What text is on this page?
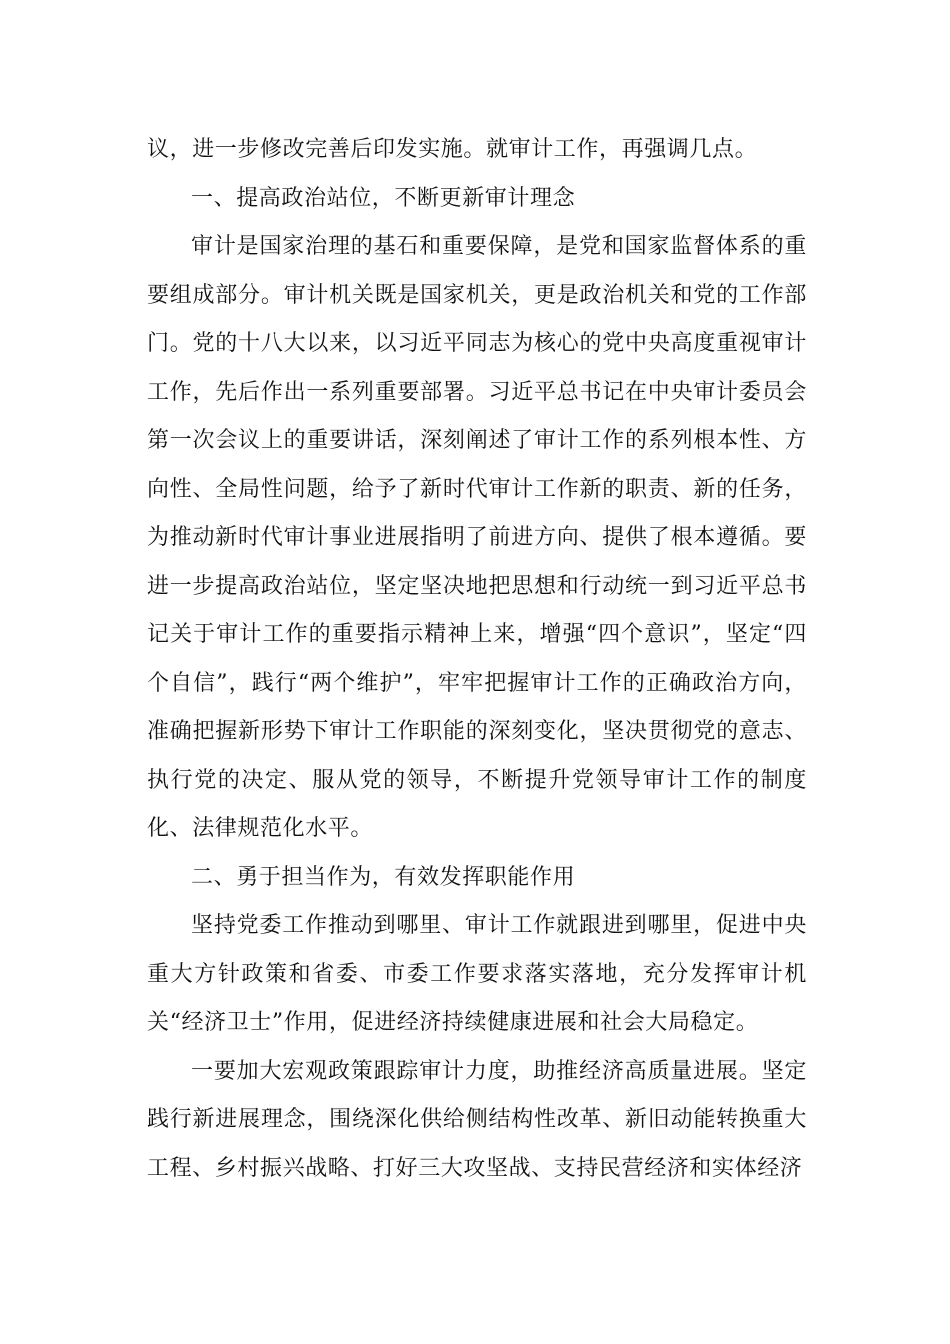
议，进一步修改完善后印发实施。就审计工作，再强调几点。

一、提高政治站位，不断更新审计理念

审计是国家治理的基石和重要保障，是党和国家监督体系的重要组成部分。审计机关既是国家机关，更是政治机关和党的工作部门。党的十八大以来，以习近平同志为核心的党中央高度重视审计工作，先后作出一系列重要部署。习近平总书记在中央审计委员会第一次会议上的重要讲话，深刻阐述了审计工作的系列根本性、方向性、全局性问题，给予了新时代审计工作新的职责、新的任务，为推动新时代审计事业进展指明了前进方向、提供了根本遵循。要进一步提高政治站位，坚定坚决地把思想和行动统一到习近平总书记关于审计工作的重要指示精神上来，增强“四个意识”，坚定“四个自信”，践行“两个维护”，牢牢把握审计工作的正确政治方向，准确把握新形势下审计工作职能的深刻变化，坚决贯彻党的意志、执行党的决定、服从党的领导，不断提升党领导审计工作的制度化、法律规范化水平。

二、勇于担当作为，有效发挥职能作用

坚持党委工作推动到哪里、审计工作就跟进到哪里，促进中央重大方针政策和省委、市委工作要求落实落地，充分发挥审计机关“经济卫士”作用，促进经济持续健康进展和社会大局稳定。

一要加大宏观政策跟踪审计力度，助推经济高质量进展。坚定践行新进展理念，围绕深化供给侧结构性改革、新旧动能转换重大工程、乡村振兴战略、打好三大攻坚战、支持民营经济和实体经济
